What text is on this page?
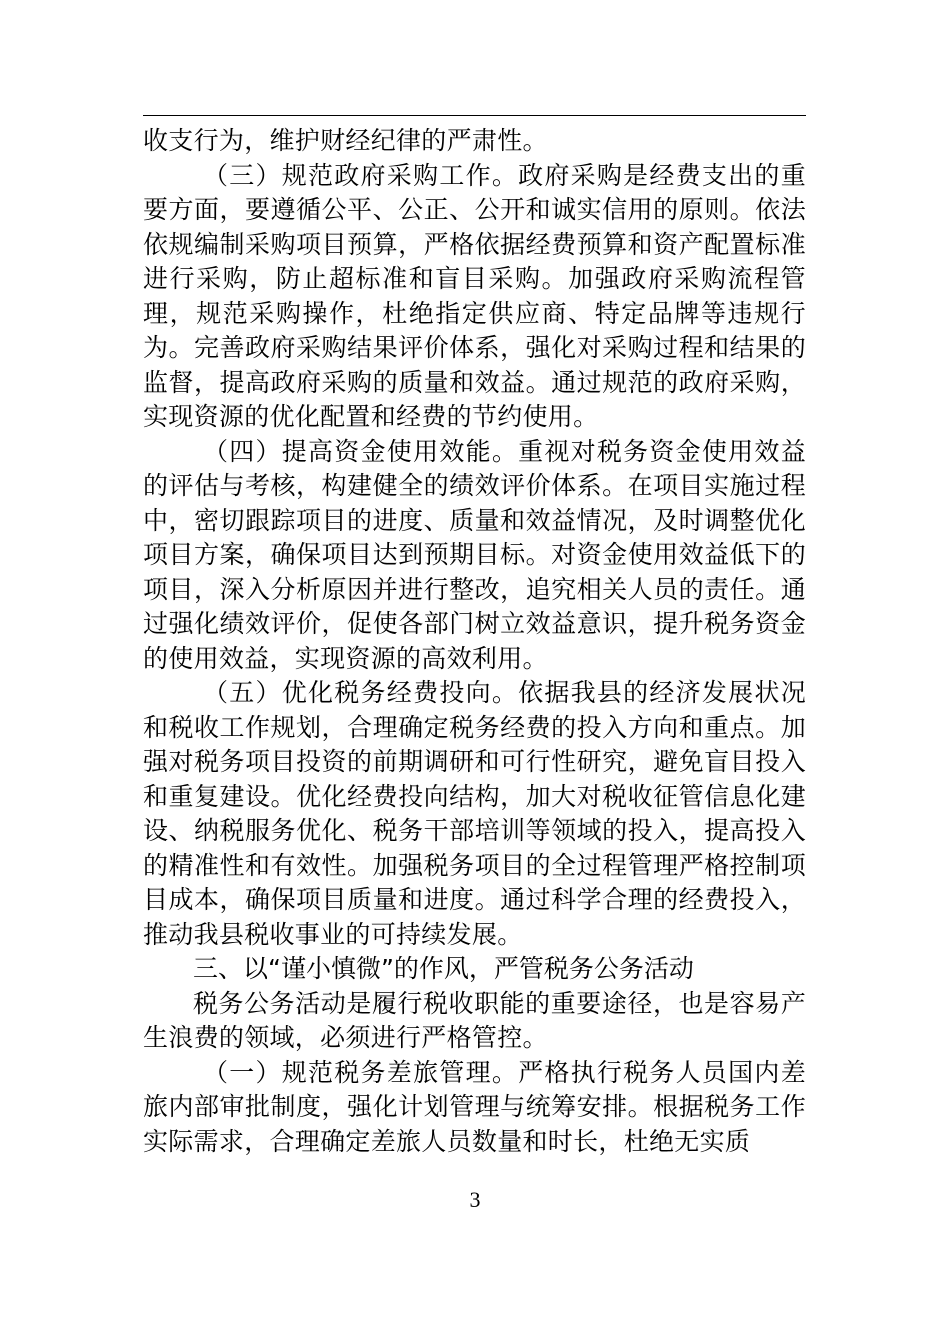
收支行为，维护财经纪律的严肃性。

（三）规范政府采购工作。政府采购是经费支出的重要方面，要遵循公平、公正、公开和诚实信用的原则。依法依规编制采购项目预算，严格依据经费预算和资产配置标准进行采购，防止超标准和盲目采购。加强政府采购流程管理，规范采购操作，杜绝指定供应商、特定品牌等违规行为。完善政府采购结果评价体系，强化对采购过程和结果的监督，提高政府采购的质量和效益。通过规范的政府采购，实现资源的优化配置和经费的节约使用。

（四）提高资金使用效能。重视对税务资金使用效益的评估与考核，构建健全的绩效评价体系。在项目实施过程中，密切跟踪项目的进度、质量和效益情况，及时调整优化项目方案，确保项目达到预期目标。对资金使用效益低下的项目，深入分析原因并进行整改，追究相关人员的责任。通过强化绩效评价，促使各部门树立效益意识，提升税务资金的使用效益，实现资源的高效利用。

（五）优化税务经费投向。依据我县的经济发展状况和税收工作规划，合理确定税务经费的投入方向和重点。加强对税务项目投资的前期调研和可行性研究，避免盲目投入和重复建设。优化经费投向结构，加大对税收征管信息化建设、纳税服务优化、税务干部培训等领域的投入，提高投入的精准性和有效性。加强税务项目的全过程管理严格控制项目成本，确保项目质量和进度。通过科学合理的经费投入，推动我县税收事业的可持续发展。

三、以“谨小慎微”的作风，严管税务公务活动

税务公务活动是履行税收职能的重要途径，也是容易产生浪费的领域，必须进行严格管控。

（一）规范税务差旅管理。严格执行税务人员国内差旅内部审批制度，强化计划管理与统筹安排。根据税务工作实际需求，合理确定差旅人员数量和时长，杜绝无实质

3
